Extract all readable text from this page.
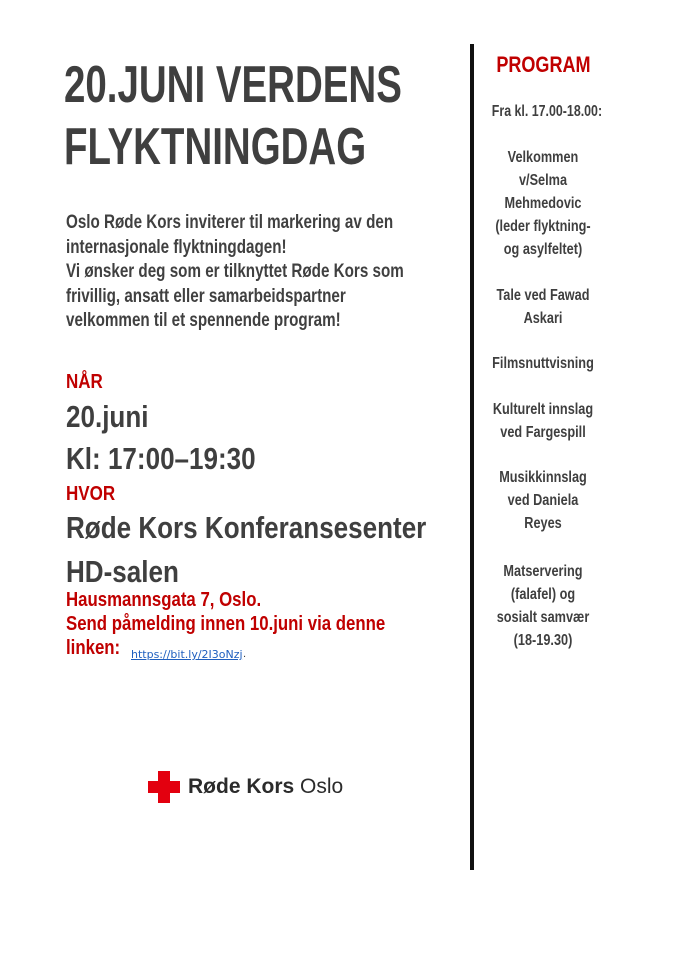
20.JUNI VERDENS
FLYKTNINGDAG
Oslo Røde Kors inviterer til markering av den
internasjonale flyktningdagen!
Vi ønsker deg som er tilknyttet Røde Kors som
frivillig, ansatt eller samarbeidspartner
velkommen til et spennende program!
NÅR
20.juni
Kl: 17:00–19:30
HVOR
Røde Kors Konferansesenter
HD-salen
Hausmannsgata 7, Oslo.
Send påmelding innen 10.juni via denne
linken: https://bit.ly/2I3oNzj .
PROGRAM
Fra kl. 17.00-18.00:
Velkommen
v/Selma
Mehmedovic
(leder flyktning-
og asylfeltet)
Tale ved Fawad
Askari
Filmsnuttvisning
Kulturelt innslag
ved Fargespill
Musikkinnslag
ved Daniela
Reyes
Matservering
(falafel) og
sosialt samvær
(18-19.30)
Røde Kors Oslo
